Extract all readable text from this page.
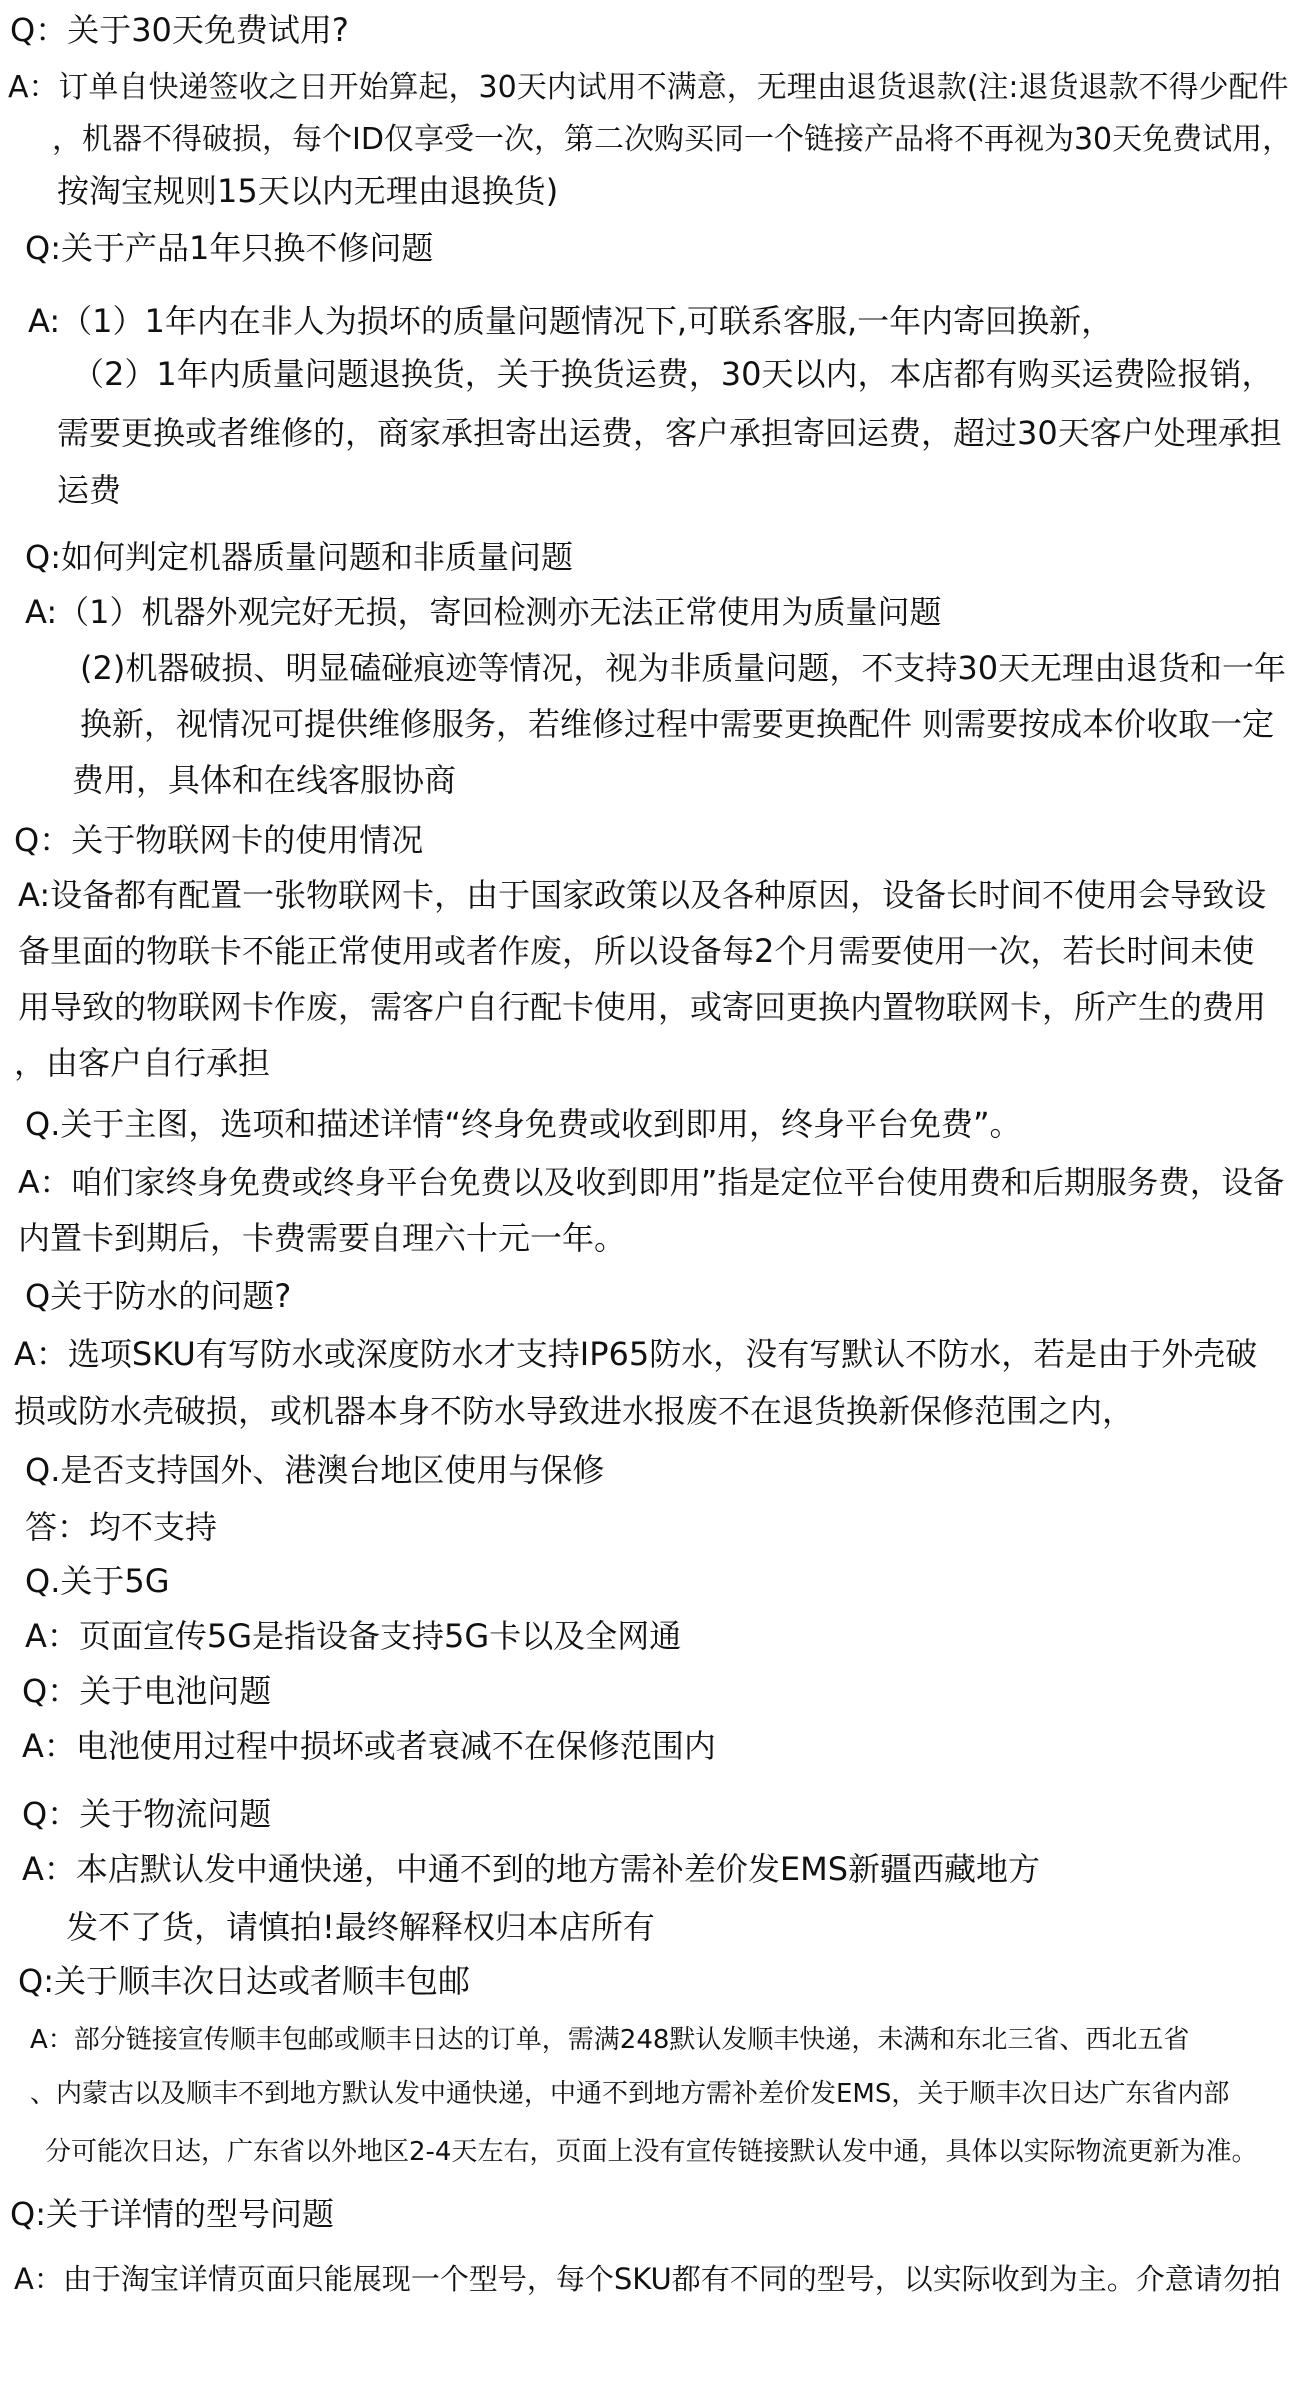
Q：关于30天免费试用?
A：订单自快递签收之日开始算起，30天内试用不满意，无理由退货退款(注:退货退款不得少配件
，机器不得破损，每个ID仅享受一次，第二次购买同一个链接产品将不再视为30天免费试用，
按淘宝规则15天以内无理由退换货)
Q:关于产品1年只换不修问题
A:（1）1年内在非人为损坏的质量问题情况下,可联系客服,一年内寄回换新，
（2）1年内质量问题退换货，关于换货运费，30天以内，本店都有购买运费险报销，
需要更换或者维修的，商家承担寄出运费，客户承担寄回运费，超过30天客户处理承担
运费
Q:如何判定机器质量问题和非质量问题
A:（1）机器外观完好无损，寄回检测亦无法正常使用为质量问题
(2)机器破损、明显磕碰痕迹等情况，视为非质量问题，不支持30天无理由退货和一年
换新，视情况可提供维修服务，若维修过程中需要更换配件 则需要按成本价收取一定
费用，具体和在线客服协商
Q：关于物联网卡的使用情况
A:设备都有配置一张物联网卡，由于国家政策以及各种原因，设备长时间不使用会导致设
备里面的物联卡不能正常使用或者作废，所以设备每2个月需要使用一次，若长时间未使
用导致的物联网卡作废，需客户自行配卡使用，或寄回更换内置物联网卡，所产生的费用
，由客户自行承担
Q.关于主图，选项和描述详情“终身免费或收到即用，终身平台免费”。
A：咱们家终身免费或终身平台免费以及收到即用”指是定位平台使用费和后期服务费，设备
内置卡到期后，卡费需要自理六十元一年。
Q关于防水的问题?
A：选项SKU有写防水或深度防水才支持IP65防水，没有写默认不防水，若是由于外壳破
损或防水壳破损，或机器本身不防水导致进水报废不在退货换新保修范围之内，
Q.是否支持国外、港澳台地区使用与保修
答：均不支持
Q.关于5G
A：页面宣传5G是指设备支持5G卡以及全网通
Q：关于电池问题
A：电池使用过程中损坏或者衰减不在保修范围内
Q：关于物流问题
A：本店默认发中通快递，中通不到的地方需补差价发EMS新疆西藏地方
发不了货，请慎拍!最终解释权归本店所有
Q:关于顺丰次日达或者顺丰包邮
A：部分链接宣传顺丰包邮或顺丰日达的订单，需满248默认发顺丰快递，未满和东北三省、西北五省
、内蒙古以及顺丰不到地方默认发中通快递，中通不到地方需补差价发EMS，关于顺丰次日达广东省内部
分可能次日达，广东省以外地区2-4天左右，页面上没有宣传链接默认发中通，具体以实际物流更新为准。
Q:关于详情的型号问题
A：由于淘宝详情页面只能展现一个型号，每个SKU都有不同的型号，以实际收到为主。介意请勿拍
